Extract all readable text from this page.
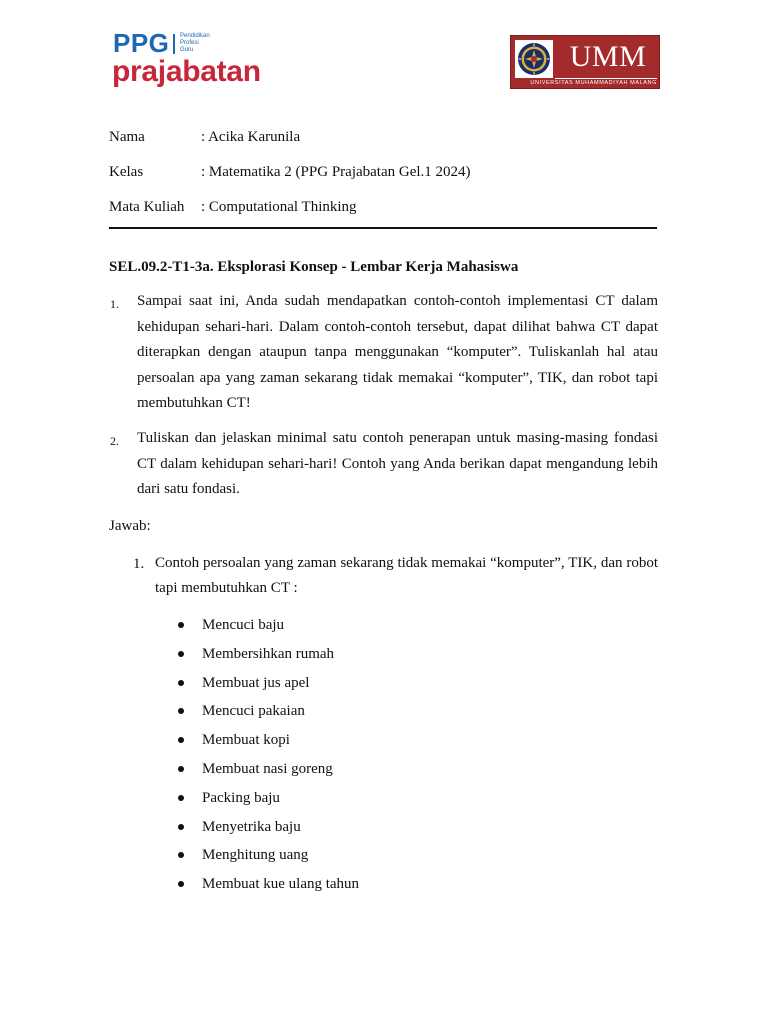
PPG Pendidikan
Profesi
Guru
prajabatan	UMM
UNIVERSITAS MUHAMMADIYAH MALANG
Nama	: Acika Karunila
Kelas	: Matematika 2 (PPG Prajabatan Gel.1 2024)
Mata Kuliah : Computational Thinking
SEL.09.2-T1-3a. Eksplorasi Konsep - Lembar Kerja Mahasiswa
1. Sampai saat ini, Anda sudah mendapatkan contoh-contoh implementasi CT dalam kehidupan sehari-hari. Dalam contoh-contoh tersebut, dapat dilihat bahwa CT dapat diterapkan dengan ataupun tanpa menggunakan “komputer”. Tuliskanlah hal atau persoalan apa yang zaman sekarang tidak memakai “komputer”, TIK, dan robot tapi membutuhkan CT!
2. Tuliskan dan jelaskan minimal satu contoh penerapan untuk masing-masing fondasi CT dalam kehidupan sehari-hari! Contoh yang Anda berikan dapat mengandung lebih dari satu fondasi.
Jawab:
1. Contoh persoalan yang zaman sekarang tidak memakai “komputer”, TIK, dan robot tapi membutuhkan CT :
Mencuci baju
Membersihkan rumah
Membuat jus apel
Mencuci pakaian
Membuat kopi
Membuat nasi goreng
Packing baju
Menyetrika baju
Menghitung uang
Membuat kue ulang tahun
